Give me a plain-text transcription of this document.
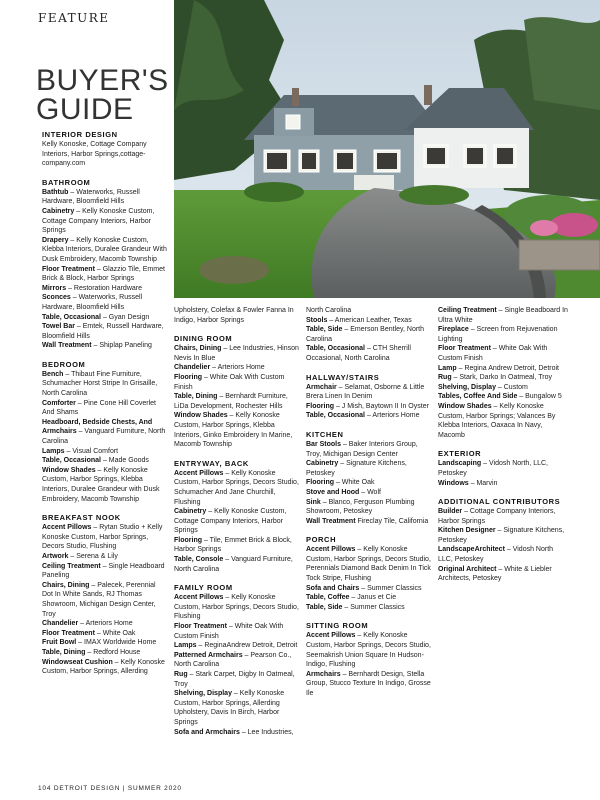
FEATURE
BUYER'S
GUIDE
INTERIOR DESIGN
Kelly Konoske, Cottage Company Interiors, Harbor Springs,cottage-company.com
BATHROOM
Bathtub – Waterworks, Russell Hardware, Bloomfield Hills
Cabinetry – Kelly Konoske Custom, Cottage Company Interiors, Harbor Springs
Drapery – Kelly Konoske Custom, Klebba Interiors, Duralee Grandeur With Dusk Embroidery, Macomb Township
Floor Treatment – Glazzio Tile, Emmet Brick & Block, Harbor Springs
Mirrors – Restoration Hardware
Sconces – Waterworks, Russell Hardware, Bloomfield Hills
Table, Occasional – Gyan Design
Towel Bar – Emtek, Russell Hardware, Bloomfield Hills
Wall Treatment – Shiplap Paneling
BEDROOM
Bench – Thibaut Fine Furniture, Schumacher Horst Stripe In Grisaille, North Carolina
Comforter – Pine Cone Hill Coverlet And Shams
Headboard, Bedside Chests, And Armchairs – Vanguard Furniture, North Carolina
Lamps – Visual Comfort
Table, Occasional – Made Goods
Window Shades – Kelly Konoske Custom, Harbor Springs, Klebba Interiors, Duralee Grandeur with Dusk Embroidery, Macomb Township
BREAKFAST NOOK
Accent Pillows – Rytan Studio + Kelly Konoske Custom, Harbor Springs, Decors Studio, Flushing
Artwork – Serena & Lily
Ceiling Treatment – Single Headboard Paneling
Chairs, Dining – Palecek, Perennial Dot In White Sands, RJ Thomas Showroom, Michigan Design Center, Troy
Chandelier – Arteriors Home
Floor Treatment – White Oak
Fruit Bowl – IMAX Worldwide Home
Table, Dining – Redford House
Windowseat Cushion – Kelly Konoske Custom, Harbor Springs, Allerding
Upholstery, Colefax & Fowler Fanna In Indigo, Harbor Springs
DINING ROOM
Chairs, Dining – Lee Industries, Hinson Nevis In Blue
Chandelier – Arteriors Home
Flooring – White Oak With Custom Finish
Table, Dining – Bernhardt Furniture, LiDa Development, Rochester Hills
Window Shades – Kelly Konoske Custom, Harbor Springs, Klebba Interiors, Ginko Embroidery In Marine, Macomb Township
ENTRYWAY, BACK
Accent Pillows – Kelly Konoske Custom, Harbor Springs, Decors Studio, Schumacher And Jane Churchill, Flushing
Cabinetry – Kelly Konoske Custom, Cottage Company Interiors, Harbor Springs
Flooring – Tile, Emmet Brick & Block, Harbor Springs
Table, Console – Vanguard Furniture, North Carolina
FAMILY ROOM
Accent Pillows – Kelly Konoske Custom, Harbor Springs, Decors Studio, Flushing
Floor Treatment – White Oak With Custom Finish
Lamps – ReginaAndrew Detroit, Detroit
Patterned Armchairs – Pearson Co., North Carolina
Rug – Stark Carpet, Digby In Oatmeal, Troy
Shelving, Display – Kelly Konoske Custom, Harbor Springs, Allerding Upholstery, Davis In Birch, Harbor Springs
Sofa and Armchairs – Lee Industries,
North Carolina
Stools – American Leather, Texas
Table, Side – Emerson Bentley, North Carolina
Table, Occasional – CTH Sherrill Occasional, North Carolina
HALLWAY/STAIRS
Armchair – Selamat, Osborne & Little Brera Linen In Denim
Flooring – J Mish, Baytown II In Oyster
Table, Occasional – Arteriors Home
KITCHEN
Bar Stools – Baker Interiors Group, Troy, Michigan Design Center
Cabinetry – Signature Kitchens, Petoskey
Flooring – White Oak
Stove and Hood – Wolf
Sink – Blanco, Ferguson Plumbing Showroom, Petoskey
Wall Treatment Fireclay Tile, California
PORCH
Accent Pillows – Kelly Konoske Custom, Harbor Springs, Decors Studio, Perennials Diamond Back Denim In Tick Tock Stripe, Flushing
Sofa and Chairs – Summer Classics
Table, Coffee – Janus et Cie
Table, Side – Summer Classics
SITTING ROOM
Accent Pillows – Kelly Konoske Custom, Harbor Springs, Decors Studio, Seemakrish Union Square In Hudson-Indigo, Flushing
Armchairs – Bernhardt Design, Stella Group, Stucco Texture In Indigo, Grosse Ile
Ceiling Treatment – Single Beadboard In Ultra White
Fireplace – Screen from Rejuvenation Lighting
Floor Treatment – White Oak With Custom Finish
Lamp – Regina Andrew Detroit, Detroit
Rug – Stark, Darko In Oatmeal, Troy
Shelving, Display – Custom
Tables, Coffee And Side – Bungalow 5
Window Shades – Kelly Konoske Custom, Harbor Springs; Valances By Klebba Interiors, Oaxaca In Navy, Macomb
EXTERIOR
Landscaping – Vidosh North, LLC, Petoskey
Windows – Marvin
ADDITIONAL CONTRIBUTORS
Builder – Cottage Company Interiors, Harbor Springs
Kitchen Designer – Signature Kitchens, Petoskey
LandscapeArchitect – Vidosh North LLC, Petoskey
Original Architect – White & Liebler Architects, Petoskey
104 DETROIT DESIGN | SUMMER 2020
